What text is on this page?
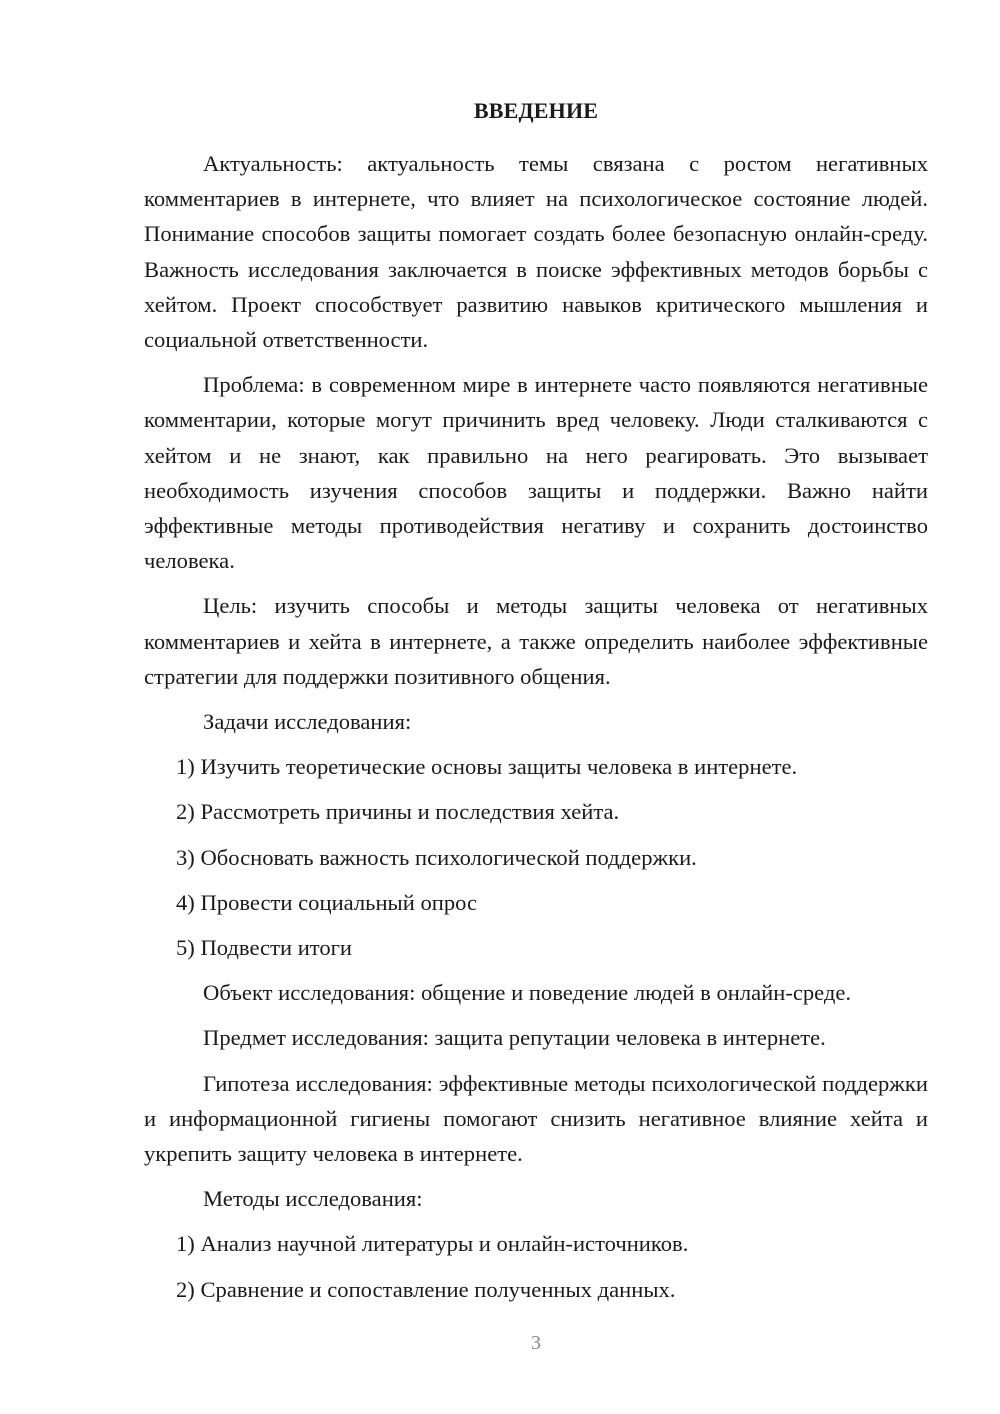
ВВЕДЕНИЕ

Актуальность: актуальность темы связана с ростом негативных комментариев в интернете, что влияет на психологическое состояние людей. Понимание способов защиты помогает создать более безопасную онлайн-среду. Важность исследования заключается в поиске эффективных методов борьбы с хейтом. Проект способствует развитию навыков критического мышления и социальной ответственности.

Проблема: в современном мире в интернете часто появляются негативные комментарии, которые могут причинить вред человеку. Люди сталкиваются с хейтом и не знают, как правильно на него реагировать. Это вызывает необходимость изучения способов защиты и поддержки. Важно найти эффективные методы противодействия негативу и сохранить достоинство человека.

Цель: изучить способы и методы защиты человека от негативных комментариев и хейта в интернете, а также определить наиболее эффективные стратегии для поддержки позитивного общения.

Задачи исследования:

1) Изучить теоретические основы защиты человека в интернете.

2) Рассмотреть причины и последствия хейта.

3) Обосновать важность психологической поддержки.

4) Провести социальный опрос

5) Подвести итоги

Объект исследования: общение и поведение людей в онлайн-среде.

Предмет исследования: защита репутации человека в интернете.

Гипотеза исследования: эффективные методы психологической поддержки и информационной гигиены помогают снизить негативное влияние хейта и укрепить защиту человека в интернете.

Методы исследования:

1) Анализ научной литературы и онлайн-источников.

2) Сравнение и сопоставление полученных данных.

3
